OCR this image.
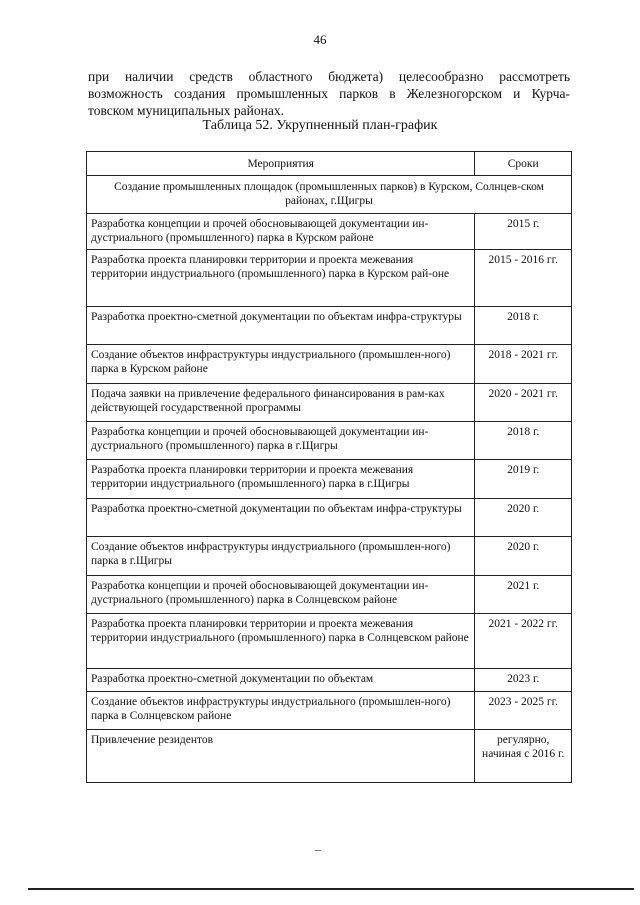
46
при наличии средств областного бюджета) целесообразно рассмотреть
возможность создания промышленных парков в Железногорском и Курча-
товском муниципальных районах.
Таблица 52. Укрупненный план-график
Мероприятия	Сроки
Создание промышленных площадок (промышленных парков) в Курском, Солнцев-ском районах, г.Щигры	
Разработка концепции и прочей обосновывающей документации ин-дустриального (промышленного) парка в Курском районе	2015 г.
Разработка проекта планировки территории и проекта межевания территории индустриального (промышленного) парка в Курском рай-оне	2015 - 2016 гг.
Разработка проектно-сметной документации по объектам инфра-структуры	2018 г.
Создание объектов инфраструктуры индустриального (промышлен-ного) парка в Курском районе	2018 - 2021 гг.
Подача заявки на привлечение федерального финансирования в рам-ках действующей государственной программы	2020 - 2021 гг.
Разработка концепции и прочей обосновывающей документации ин-дустриального (промышленного) парка в г.Щигры	2018 г.
Разработка проекта планировки территории и проекта межевания территории индустриального (промышленного) парка в г.Щигры	2019 г.
Разработка проектно-сметной документации по объектам инфра-структуры	2020 г.
Создание объектов инфраструктуры индустриального (промышлен-ного) парка в г.Щигры	2020 г.
Разработка концепции и прочей обосновывающей документации ин-дустриального (промышленного) парка в Солнцевском районе	2021 г.
Разработка проекта планировки территории и проекта межевания территории индустриального (промышленного) парка в Солнцевском районе	2021 - 2022 гг.
Разработка проектно-сметной документации по объектам	2023 г.
Создание объектов инфраструктуры индустриального (промышлен-ного) парка в Солнцевском районе	2023 - 2025 гг.
Привлечение резидентов	регулярно, начиная с 2016 г.
